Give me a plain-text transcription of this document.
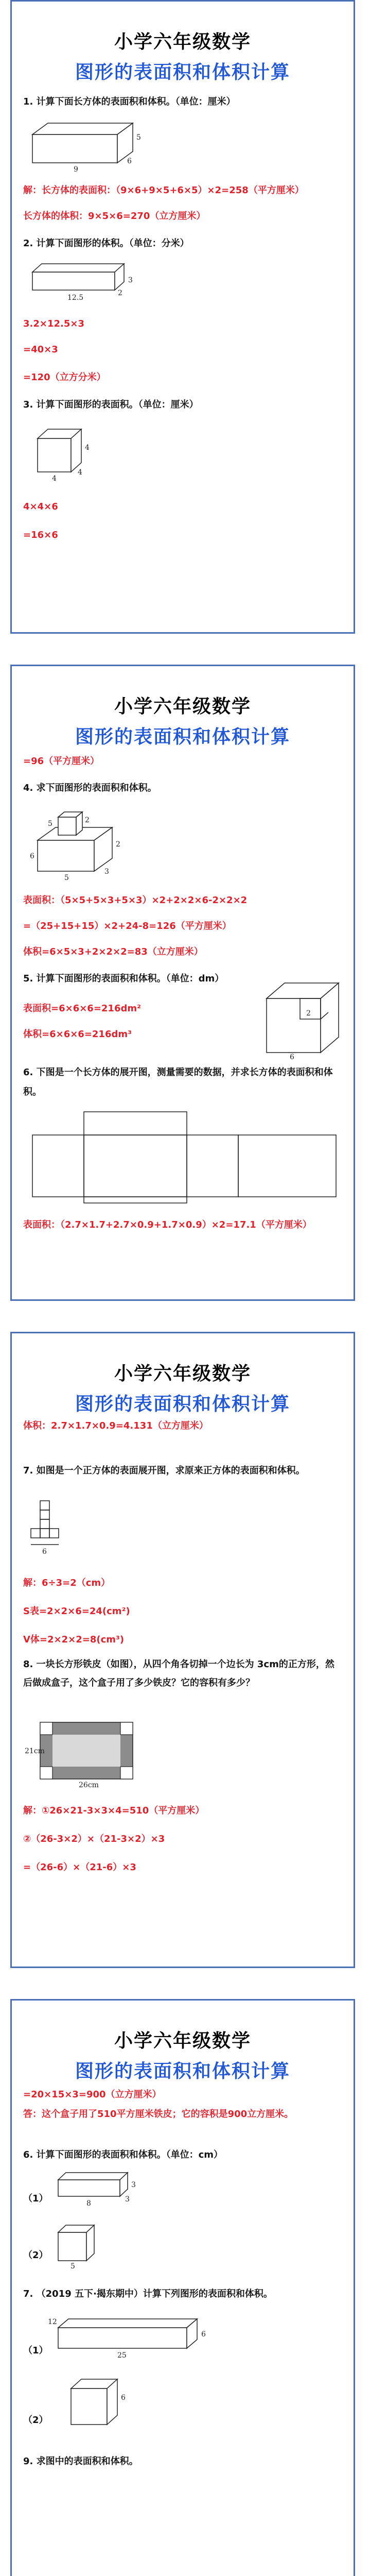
小学六年级数学
图形的表面积和体积计算
1. 计算下面长方体的表面积和体积。（单位：厘米）
9
6
5
解：长方体的表面积：（9×6+9×5+6×5）×2=258（平方厘米）
长方体的体积：9×5×6=270（立方厘米）
2. 计算下面图形的体积。（单位：分米）
12.5
2
3
3.2×12.5×3
=40×3
=120（立方分米）
3. 计算下面图形的表面积。（单位：厘米）
4
4
4
4×4×6
=16×6
小学六年级数学
图形的表面积和体积计算
=96（平方厘米）
4. 求下面图形的表面积和体积。
5
3
2
6
2
5
表面积：（5×5+5×3+5×3）×2+2×2×6-2×2×2
=（25+15+15）×2+24-8=126（平方厘米）
体积=6×5×3+2×2×2=83（立方厘米）
5. 计算下面图形的表面积和体积。（单位：dm）
表面积=6×6×6=216dm²
体积=6×6×6=216dm³
6
2
6. 下图是一个长方体的展开图，测量需要的数据，并求长方体的表面积和体积。
表面积：（2.7×1.7+2.7×0.9+1.7×0.9）×2=17.1（平方厘米）
小学六年级数学
图形的表面积和体积计算
体积：2.7×1.7×0.9=4.131（立方厘米）
7. 如图是一个正方体的表面展开图，求原来正方体的表面积和体积。
6
解：6÷3=2（cm）
S表=2×2×6=24(cm²)
V体=2×2×2=8(cm³)
8. 一块长方形铁皮（如图），从四个角各切掉一个边长为 3cm的正方形，然后做成盒子，这个盒子用了多少铁皮？它的容积有多少？
26cm
21cm
解：①26×21-3×3×4=510（平方厘米）
②（26-3×2）×（21-3×2）×3
=（26-6）×（21-6）×3
小学六年级数学
图形的表面积和体积计算
=20×15×3=900（立方厘米）
答：这个盒子用了510平方厘米铁皮；它的容积是900立方厘米。
6. 计算下面图形的表面积和体积。（单位：cm）
（1）	8	3
3
（2）
5
7. （2019 五下·揭东期中）计算下列图形的表面积和体积。
（1）	25
12
6
（2）
6
9. 求图中的表面积和体积。
